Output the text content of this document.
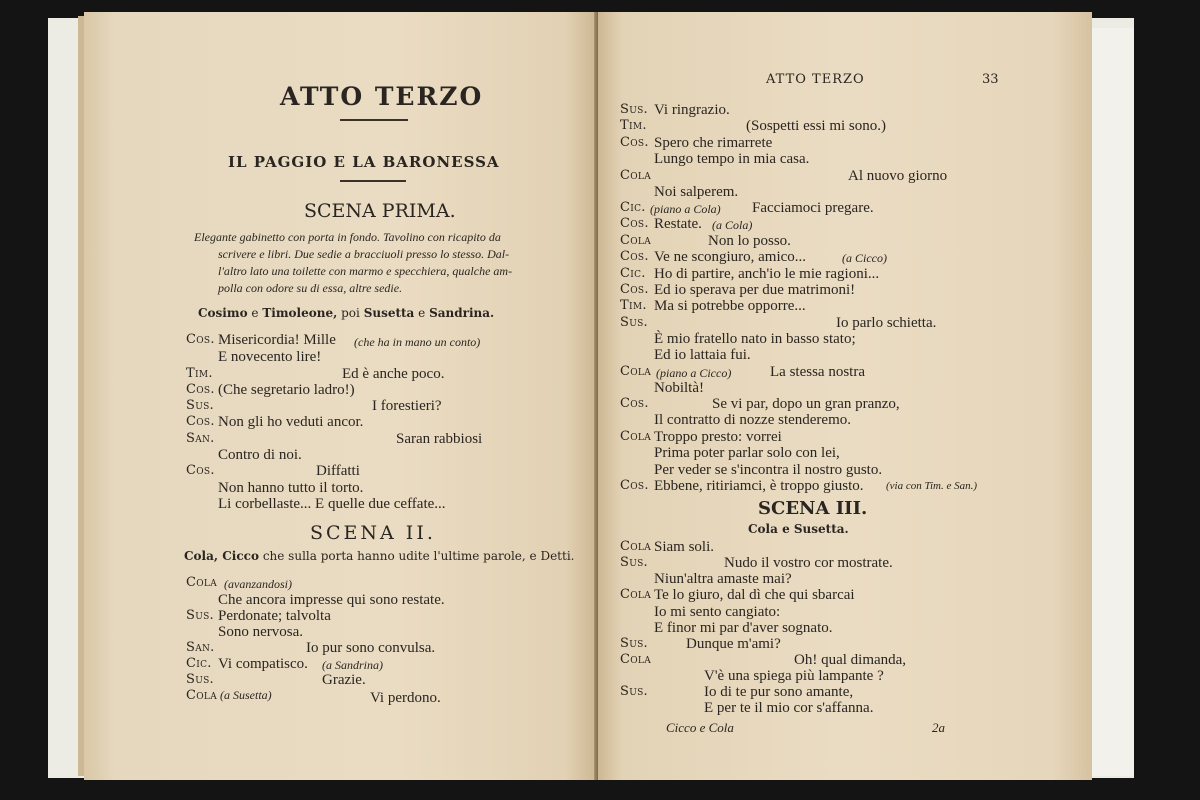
ATTO TERZO
IL PAGGIO E LA BARONESSA
SCENA PRIMA.
Elegante gabinetto con porta in fondo. Tavolino con ricapito da
scrivere e libri. Due sedie a bracciuoli presso lo stesso. Dal-
l'altro lato una toilette con marmo e specchiera, qualche am-
polla con odore su di essa, altre sedie.
Cosimo e Timoleone, poi Susetta e Sandrina.
Cos. Misericordia! Mille (che ha in mano un conto)
E novecento lire!
Tim.	Ed è anche poco.
Cos. (Che segretario ladro!)
Sus.	I forestieri?
Cos. Non gli ho veduti ancor.
San.	Saran rabbiosi
Contro di noi.
Cos.	Diffatti
Non hanno tutto il torto.
Li corbellaste... E quelle due ceffate...
SCENA II.
Cola, Cicco che sulla porta hanno udite l'ultime parole, e Detti.
Cola (avanzandosi)
Che ancora impresse qui sono restate.
Sus. Perdonate; talvolta
Sono nervosa.
San.	Io pur sono convulsa.
Cic. Vi compatisco. (a Sandrina)
Sus.	Grazie.
Cola (a Susetta)	Vi perdono.
ATTO TERZO	33
Sus. Vi ringrazio.
Tim.	(Sospetti essi mi sono.)
Cos. Spero che rimarrete
Lungo tempo in mia casa.
Cola	Al nuovo giorno
Noi salperem.
Cic. (piano a Cola) Facciamoci pregare.
Cos. Restate. (a Cola)
Cola	Non lo posso.
Cos. Ve ne scongiuro, amico...	(a Cicco)
Cic. Ho di partire, anch'io le mie ragioni...
Cos. Ed io sperava per due matrimoni!
Tim. Ma si potrebbe opporre...
Sus.	Io parlo schietta.
È mio fratello nato in basso stato;
Ed io lattaia fui.
Cola (piano a Cicco)	La stessa nostra
Nobiltà!
Cos.	Se vi par, dopo un gran pranzo,
Il contratto di nozze stenderemo.
Cola Troppo presto: vorrei
Prima poter parlar solo con lei,
Per veder se s'incontra il nostro gusto.
Cos. Ebbene, ritiriamci, è troppo giusto. (via con Tim. e San.)
SCENA III.
Cola e Susetta.
Cola Siam soli.
Sus.	Nudo il vostro cor mostrate.
Niun'altra amaste mai?
Cola Te lo giuro, dal dì che qui sbarcai
Io mi sento cangiato:
E finor mi par d'aver sognato.
Sus.	Dunque m'ami?
Cola	Oh! qual dimanda,
V'è una spiega più lampante ?
Sus.	Io di te pur sono amante,
E per te il mio cor s'affanna.
Cicco e Cola	2a
